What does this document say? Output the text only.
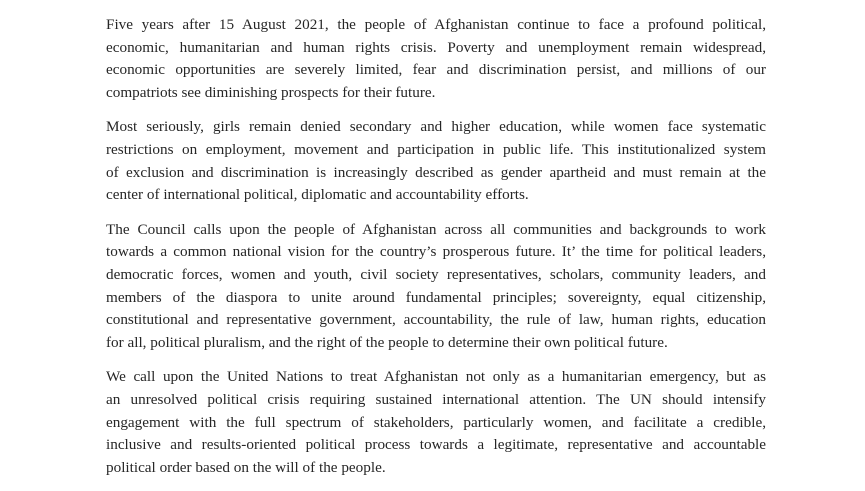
Five years after 15 August 2021, the people of Afghanistan continue to face a profound political,
economic, humanitarian and human rights crisis. Poverty and unemployment remain widespread,
economic opportunities are severely limited, fear and discrimination persist, and millions of our
compatriots see diminishing prospects for their future.

Most seriously, girls remain denied secondary and higher education, while women face systematic
restrictions on employment, movement and participation in public life. This institutionalized system
of exclusion and discrimination is increasingly described as gender apartheid and must remain at the
center of international political, diplomatic and accountability efforts.

The Council calls upon the people of Afghanistan across all communities and backgrounds to work
towards a common national vision for the country’s prosperous future. It’ the time for political leaders,
democratic forces, women and youth, civil society representatives, scholars, community leaders, and
members of the diaspora to unite around fundamental principles; sovereignty, equal citizenship,
constitutional and representative government, accountability, the rule of law, human rights, education
for all, political pluralism, and the right of the people to determine their own political future.

We call upon the United Nations to treat Afghanistan not only as a humanitarian emergency, but as
an unresolved political crisis requiring sustained international attention. The UN should intensify
engagement with the full spectrum of stakeholders, particularly women, and facilitate a credible,
inclusive and results-oriented political process towards a legitimate, representative and accountable
political order based on the will of the people.
